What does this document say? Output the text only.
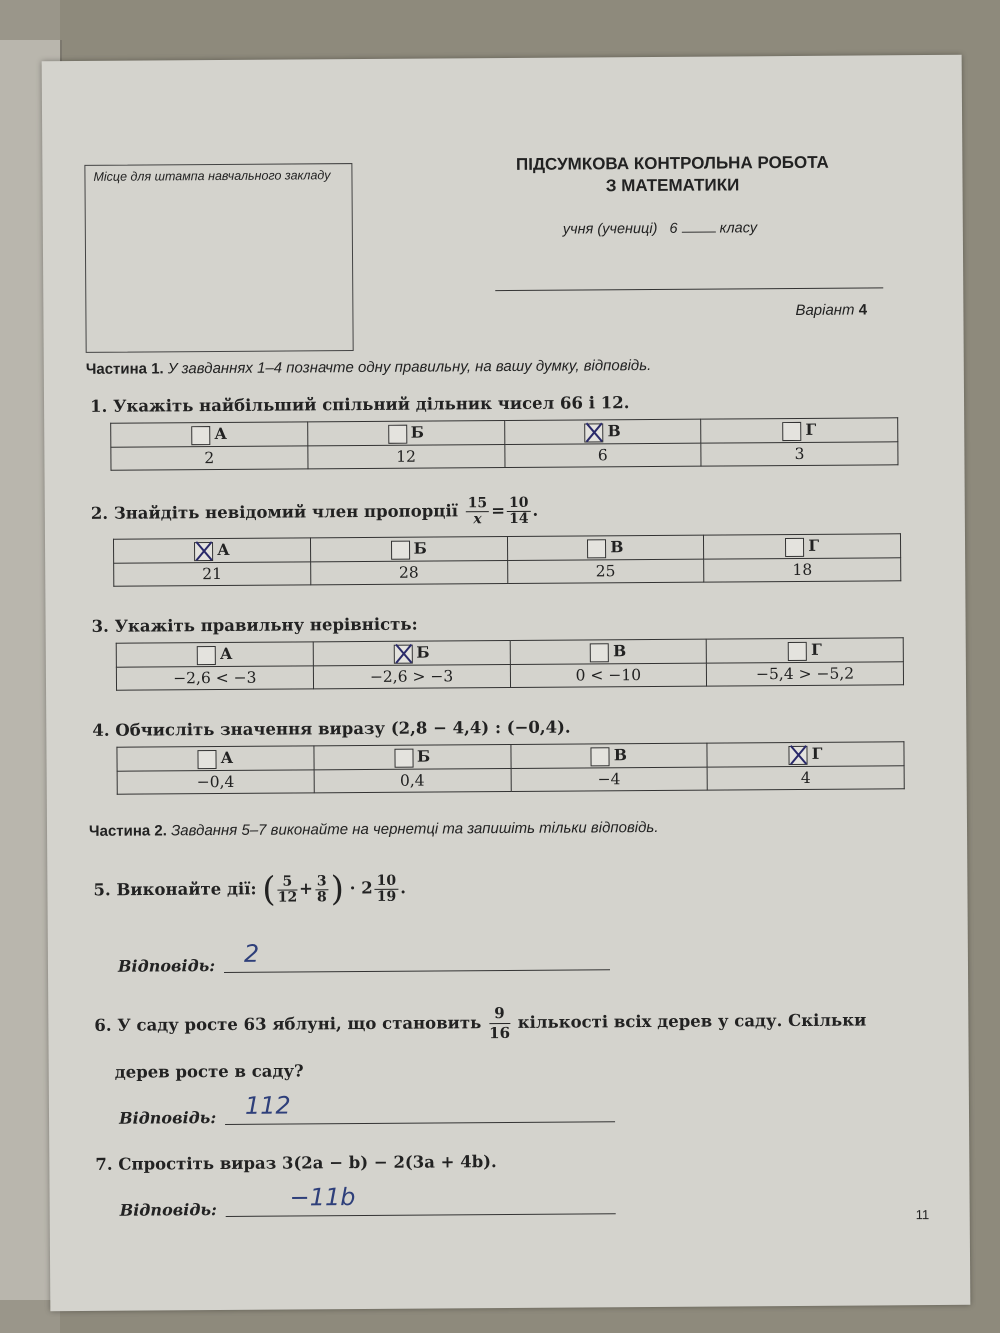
Місце для штампа навчального закладу
ПІДСУМКОВА КОНТРОЛЬНА РОБОТА
З МАТЕМАТИКИ
учня (учениці) 6	класу
Варіант 4
Частина 1. У завданнях 1–4 позначте одну правильну, на вашу думку, відповідь.
1. Укажіть найбільший спільний дільник чисел 66 і 12.
А	Б	В	Г
2	12	6	3
2. Знайдіть невідомий член пропорції $\frac{15}{x} = \frac{10}{14}$ .
А	Б	В	Г
21	28	25	18
3. Укажіть правильну нерівність:
А	Б	В	Г
−2,6 < −3	−2,6 > −3	0 < −10	−5,4 > −5,2
4. Обчисліть значення виразу (2,8 − 4,4) : (−0,4).
А	Б	В	Г
−0,4	0,4	−4	4
Частина 2. Завдання 5–7 виконайте на чернетці та запишіть тільки відповідь.
5. Виконайте дії: ( $\frac{5}{12} + \frac{3}{8}$ ) · $2 \frac{10}{19}$ .
Відповідь: 2
6. У саду росте 63 яблуні, що становить $\frac{9}{16}$ кількості всіх дерев у саду. Скільки
дерев росте в саду?
Відповідь: 112
7. Спростіть вираз 3(2a − b) − 2(3a + 4b).
Відповідь:	−11b
11
